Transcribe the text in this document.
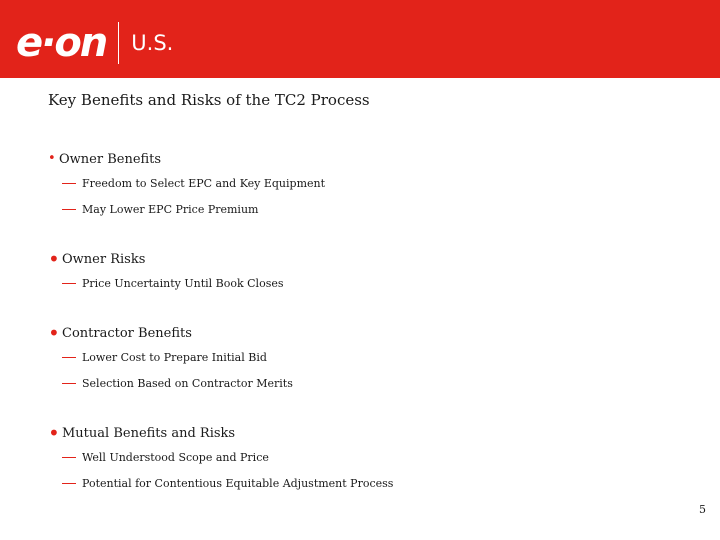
e·on U.S.
Key Benefits and Risks of the TC2 Process
• Owner Benefits
Freedom to Select EPC and Key Equipment
May Lower EPC Price Premium
• Owner Risks
Price Uncertainty Until Book Closes
• Contractor Benefits
Lower Cost to Prepare Initial Bid
Selection Based on Contractor Merits
• Mutual Benefits and Risks
Well Understood Scope and Price
Potential for Contentious Equitable Adjustment Process
5
